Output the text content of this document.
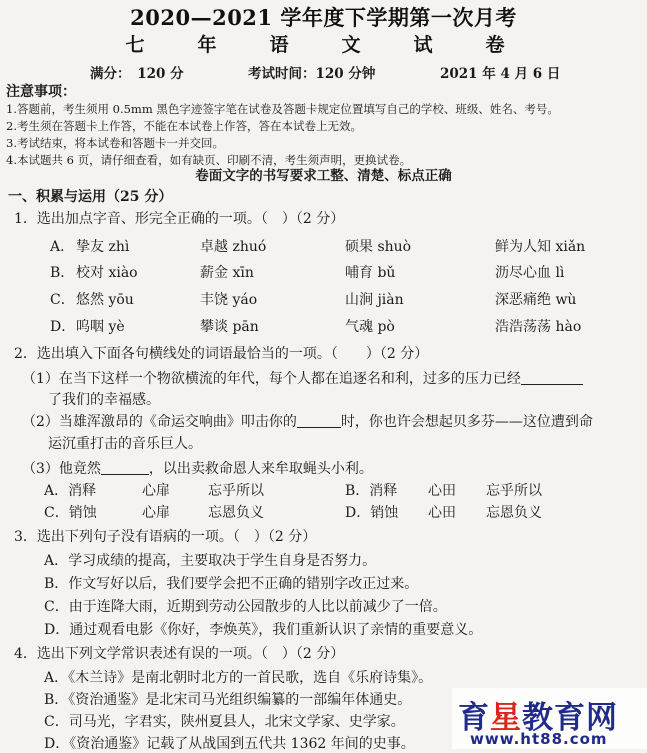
2020—2021 学年度下学期第一次月考
七　年　语　文　试　卷
满分：　120 分	考试时间：120 分钟	2021 年 4 月 6 日
注意事项：
1.答题前，考生须用 0.5mm 黑色字迹签字笔在试卷及答题卡规定位置填写自己的学校、班级、姓名、考号。
2.考生须在答题卡上作答，不能在本试卷上作答，答在本试卷上无效。
3.考试结束，将本试卷和答题卡一并交回。
4.本试题共 6 页，请仔细查看，如有缺页、印刷不清，考生须声明，更换试卷。
卷面文字的书写要求工整、清楚、标点正确
一、积累与运用（25 分）
1．选出加点字音、形完全正确的一项。（　）（2 分）
A． 挚友 zhì	卓越 zhuó	硕果 shuò	鲜为人知 xiǎn
B． 校对 xiào	薪金 xīn	哺育 bǔ	沥尽心血 lì
C． 悠然 yōu	丰饶 yáo	山涧 jiàn	深恶痛绝 wù
D． 呜咽 yè	攀谈 pān	气魂 pò	浩浩荡荡 hào
2．选出填入下面各句横线处的词语最恰当的一项。（　　）（2 分）
（1）在当下这样一个物欲横流的年代，每个人都在追逐名和利，过多的压力已经
了我们的幸福感。
（2）当雄浑激昂的《命运交响曲》叩击你的	时，你也许会想起贝多芬——这位遭到命
运沉重打击的音乐巨人。
（3）他竟然	，以出卖救命恩人来牟取蝇头小利。
A．消释	心扉	忘乎所以	B．消释 心田 忘乎所以
C．销蚀	心扉	忘恩负义	D．销蚀 心田 忘恩负义
3．选出下列句子没有语病的一项。（　）（2 分）
A．学习成绩的提高，主要取决于学生自身是否努力。
B．作文写好以后，我们要学会把不正确的错别字改正过来。
C．由于连降大雨，近期到劳动公园散步的人比以前减少了一倍。
D．通过观看电影《你好，李焕英》，我们重新认识了亲情的重要意义。
4．选出下列文学常识表述有误的一项。（　）（2 分）
A．《木兰诗》是南北朝时北方的一首民歌，选自《乐府诗集》。
B．《资治通鉴》是北宋司马光组织编纂的一部编年体通史。
C．司马光，字君实，陕州夏县人，北宋文学家、史学家。
D．《资治通鉴》记载了从战国到五代共 1362 年间的史事。
育星教育网
www.ht88.com
